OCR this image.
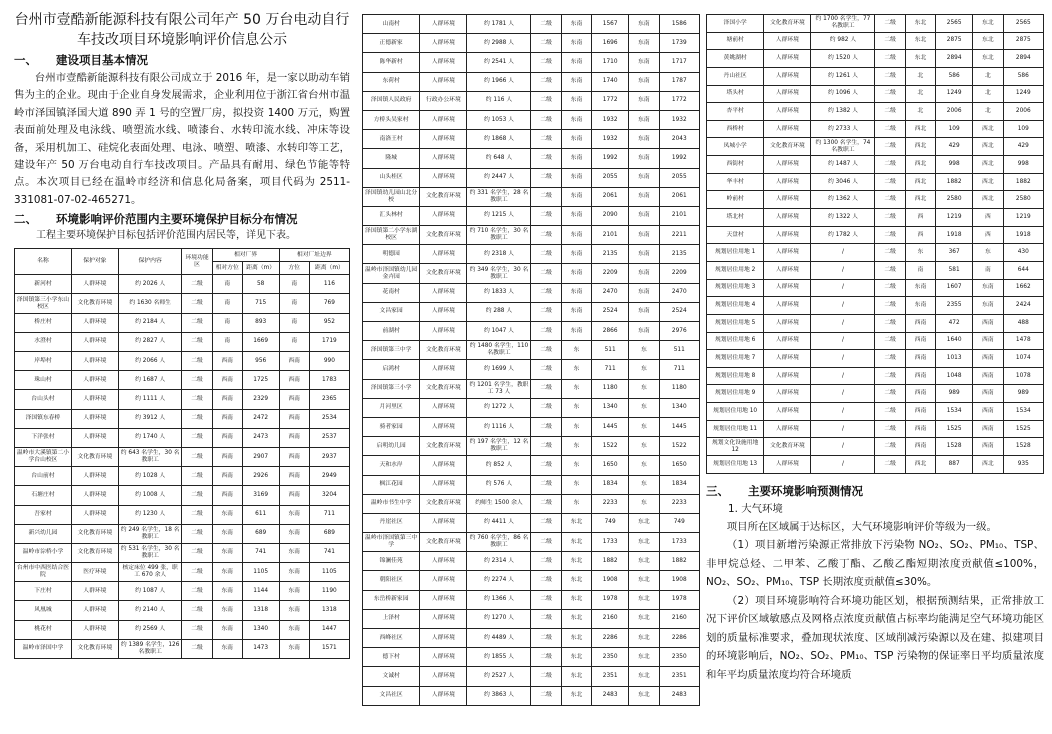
台州市壹酷新能源科技有限公司年产 50 万台电动自行车技改项目环境影响评价信息公示
一、 建设项目基本情况

台州市壹酷新能源科技有限公司成立于 2016 年，是一家以助动车销售为主的企业。现由于企业自身发展需求，企业利用位于浙江省台州市温岭市泽国镇泽国大道 890 弄 1 号的空置厂房，拟投资 1400 万元，购置表面前处理及电泳线、喷塑流水线、喷漆台、水转印流水线、冲床等设备，采用机加工、硅烷化表面处理、电泳、喷塑、喷漆、水转印等工艺，建设年产 50 万台电动自行车技改项目。产品具有耐用、绿色节能等特点。本次项目已经在温岭市经济和信息化局备案，项目代码为 2511-331081-07-02-465271。

二、 环境影响评价范围内主要环境保护目标分布情况
工程主要环境保护目标包括评价范围内居民等，详见下表。
名称	保护对象	保护内容	环境功能区	相对厂界		相对厂址边界	
				相对方位	距离（m）	方位	距离（m）
新河村	人群环境	约 2026 人	二级	南	58	南	116
泽国镇第三小学东山校区	文化教育环境	约 1630 名师生	二级	南	715	南	769
桥庄村	人群环境	约 2184 人	二级	南	893	南	952
水澄村	人群环境	约 2827 人	二级	南	1669	南	1719
岸埠村	人群环境	约 2066 人	二级	西南	956	西南	990
珠山村	人群环境	约 1687 人	二级	西南	1725	西南	1783
台山头村	人群环境	约 1111 人	二级	西南	2329	西南	2365
泽国镇东春桥	人群环境	约 3912 人	二级	西南	2472	西南	2534
下洋张村	人群环境	约 1740 人	二级	西南	2473	西南	2537
温岭市大溪镇第二小学台山校区	文化教育环境	约 643 名学生，30 名教职工	二级	西南	2907	西南	2937
台山前村	人群环境	约 1028 人	二级	西南	2926	西南	2949
石塘庄村	人群环境	约 1008 人	二级	西南	3169	西南	3204
吾家村	人群环境	约 1230 人	二级	东南	611	东南	711
新兴幼儿园	文化教育环境	约 249 名学生，18 名教职工	二级	东南	689	东南	689
温岭市淙桥小学	文化教育环境	约 531 名学生，30 名教职工	二级	东南	741	东南	741
台州市中西医结合医院	医疗环境	核定床位 499 张，职工 670 余人	二级	东南	1105	东南	1105
下庄村	人群环境	约 1087 人	二级	东南	1144	东南	1190
风凰城	人群环境	约 2140 人	二级	东南	1318	东南	1318
桃花村	人群环境	约 2569 人	二级	东南	1340	东南	1447
温岭市泽国中学	文化教育环境	约 1389 名学生，126 名教职工	二级	东南	1473	东南	1571
山南村	人群环境	约 1781 人	二级	东南	1567	东南	1586
正德新家	人群环境	约 2988 人	二级	东南	1696	东南	1739
陈华新村	人群环境	约 2541 人	二级	东南	1710	东南	1717
东荷村	人群环境	约 1966 人	二级	东南	1740	东南	1787
泽国镇人民政府	行政办公环境	约 116 人	二级	东南	1772	东南	1772
方桥头吴家村	人群环境	约 1053 人	二级	东南	1932	东南	1932
南洛王村	人群环境	约 1868 人	二级	东南	1932	东南	2043
隆城	人群环境	约 648 人	二级	东南	1992	东南	1992
山头桂区	人群环境	约 2447 人	二级	东南	2055	东南	2055
泽国镇幼儿园山北分校	文化教育环境	约 331 名学生，28 名教职工	二级	东南	2061	东南	2061
汇头林村	人群环境	约 1215 人	二级	东南	2090	东南	2101
泽国镇第二小学东湖校区	文化教育环境	约 710 名学生，30 名教职工	二级	东南	2101	东南	2211
明德园	人群环境	约 2318 人	二级	东南	2135	东南	2135
温岭市泽国镇幼儿园金卉园	文化教育环境	约 349 名学生，30 名教职工	二级	东南	2209	东南	2209
花南村	人群环境	约 1833 人	二级	东南	2470	东南	2470
文昌家园	人群环境	约 288 人	二级	东南	2524	东南	2524
前湖村	人群环境	约 1047 人	二级	东南	2866	东南	2976
泽国镇第三中学	文化教育环境	约 1480 名学生，110 名教职工	二级	东	511	东	511
启鸿村	人群环境	约 1699 人	二级	东	711	东	711
泽国镇第三小学	文化教育环境	约 1201 名学生，教职工 73 人	二级	东	1180	东	1180
月河里区	人群环境	约 1272 人	二级	东	1340	东	1340
骑者家园	人群环境	约 1116 人	二级	东	1445	东	1445
启明幼儿园	文化教育环境	约 197 名学生，12 名教职工	二级	东	1522	东	1522
天和水岸	人群环境	约 852 人	二级	东	1650	东	1650
枫江花园	人群环境	约 576 人	二级	东	1834	东	1834
温岭市书生中学	文化教育环境	约师生 1500 余人	二级	东	2233	东	2233
丹崖社区	人群环境	约 4411 人	二级	东北	749	东北	749
温岭市泽国镇第三中学	文化教育环境	约 760 名学生，86 名教职工	二级	东北	1733	东北	1733
锦澜佳苑	人群环境	约 2314 人	二级	东北	1882	东北	1882
朝阳社区	人群环境	约 2274 人	二级	东北	1908	东北	1908
东岳桥新家园	人群环境	约 1366 人	二级	东北	1978	东北	1978
上泽村	人群环境	约 1270 人	二级	东北	2160	东北	2160
西峰社区	人群环境	约 4489 人	二级	东北	2286	东北	2286
德下村	人群环境	约 1855 人	二级	东北	2350	东北	2350
文诚村	人群环境	约 2527 人	二级	东北	2351	东北	2351
文昌社区	人群环境	约 3863 人	二级	东北	2483	东北	2483
泽国小学	文化教育环境	约 1700 名学生，77 名教职工	二级	东北	2565	东北	2565
塘前村	人群环境	约 982 人	二级	东北	2875	东北	2875
黄姚湖村	人群环境	约 1520 人	二级	东北	2894	东北	2894
丹山社区	人群环境	约 1261 人	二级	北	586	北	586
塔头村	人群环境	约 1096 人	二级	北	1249	北	1249
杏平村	人群环境	约 1382 人	二级	北	2006	北	2006
西桥村	人群环境	约 2733 人	二级	西北	109	西北	109
凤城小学	文化教育环境	约 1300 名学生，74 名教职工	二级	西北	429	西北	429
西街村	人群环境	约 1487 人	二级	西北	998	西北	998
华丰村	人群环境	约 3046 人	二级	西北	1882	西北	1882
岭前村	人群环境	约 1362 人	二级	西北	2580	西北	2580
塔北村	人群环境	约 1322 人	二级	西	1219	西	1219
天盘村	人群环境	约 1782 人	二级	西	1918	西	1918
规划居住用地 1	人群环境	/	二级	东	367	东	430
规划居住用地 2	人群环境	/	二级	南	581	南	644
规划居住用地 3	人群环境	/	二级	东南	1607	东南	1662
规划居住用地 4	人群环境	/	二级	东南	2355	东南	2424
规划居住用地 5	人群环境	/	二级	西南	472	西南	488
规划居住用地 6	人群环境	/	二级	西南	1640	西南	1478
规划居住用地 7	人群环境	/	二级	西南	1013	西南	1074
规划居住用地 8	人群环境	/	二级	西南	1048	西南	1078
规划居住用地 9	人群环境	/	二级	西南	989	西南	989
规划居住用地 10	人群环境	/	二级	西南	1534	西南	1534
规划居住用地 11	人群环境	/	二级	西南	1525	西南	1525
规划文化设施用地 12	文化教育环境	/	二级	西南	1528	西南	1528
规划居住用地 13	人群环境	/	二级	西北	887	西北	935
三、 主要环境影响预测情况
1. 大气环境

项目所在区域属于达标区，大气环境影响评价等级为一级。

（1）项目新增污染源正常排放下污染物 NO₂、SO₂、PM₁₀、TSP、非甲烷总烃、二甲苯、乙酸丁酯、乙酸乙酯短期浓度贡献值≤100%，NO₂、SO₂、PM₁₀、TSP 长期浓度贡献值≤30%。

（2）项目环境影响符合环境功能区划，根据预测结果，正常排放工况下评价区域敏感点及网格点浓度贡献值占标率均能满足空气环境功能区划的质量标准要求，叠加现状浓度、区域削减污染源以及在建、拟建项目的环境影响后，NO₂、SO₂、PM₁₀、TSP 污染物的保证率日平均质量浓度和年平均质量浓度均符合环境质
